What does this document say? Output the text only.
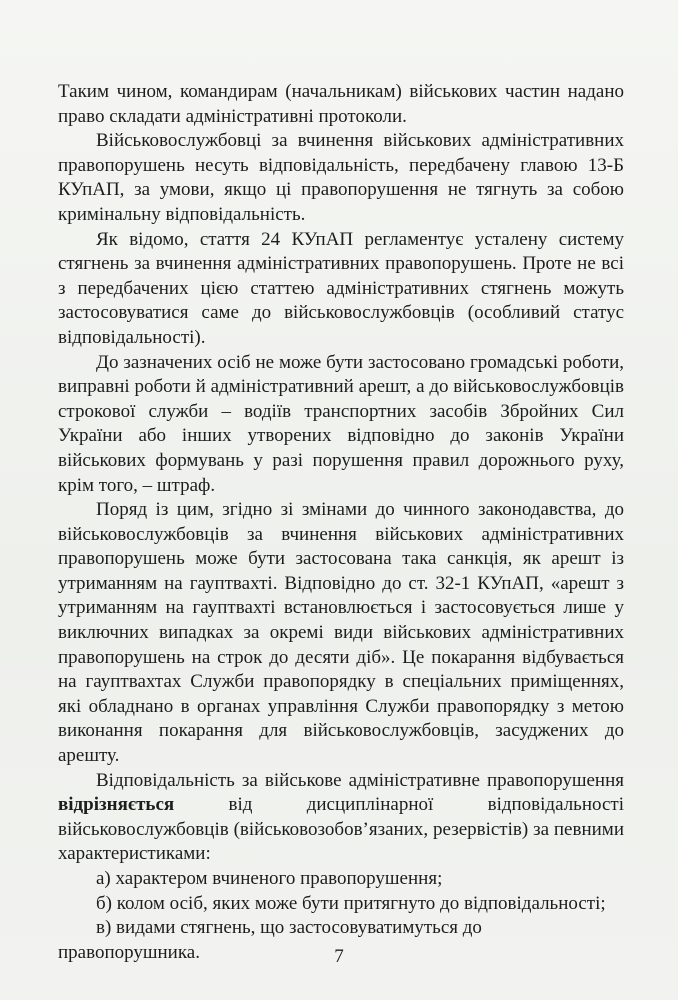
Таким чином, командирам (начальникам) військових частин надано право складати адміністративні протоколи.

Військовослужбовці за вчинення військових адміністративних правопорушень несуть відповідальність, передбачену главою 13-Б КУпАП, за умови, якщо ці правопорушення не тягнуть за собою кримінальну відповідальність.

Як відомо, стаття 24 КУпАП регламентує усталену систему стягнень за вчинення адміністративних правопорушень. Проте не всі з передбачених цією статтею адміністративних стягнень можуть застосовуватися саме до військовослужбовців (особливий статус відповідальності).

До зазначених осіб не може бути застосовано громадські роботи, виправні роботи й адміністративний арешт, а до військовослужбовців строкової служби – водіїв транспортних засобів Збройних Сил України або інших утворених відповідно до законів України військових формувань у разі порушення правил дорожнього руху, крім того, – штраф.

Поряд із цим, згідно зі змінами до чинного законодавства, до військовослужбовців за вчинення військових адміністративних правопорушень може бути застосована така санкція, як арешт із утриманням на гауптвахті. Відповідно до ст. 32-1 КУпАП, «арешт з утриманням на гауптвахті встановлюється і застосовується лише у виключних випадках за окремі види військових адміністративних правопорушень на строк до десяти діб». Це покарання відбувається на гауптвахтах Служби правопорядку в спеціальних приміщеннях, які обладнано в органах управління Служби правопорядку з метою виконання покарання для військовослужбовців, засуджених до арешту.

Відповідальність за військове адміністративне правопорушення відрізняється	від дисциплінарної відповідальності військовослужбовців (військовозобов’язаних, резервістів) за певними характеристиками:

а) характером вчиненого правопорушення;

б) колом осіб, яких може бути притягнуто до відповідальності;

в) видами стягнень, що застосовуватимуться до правопорушника.	7
